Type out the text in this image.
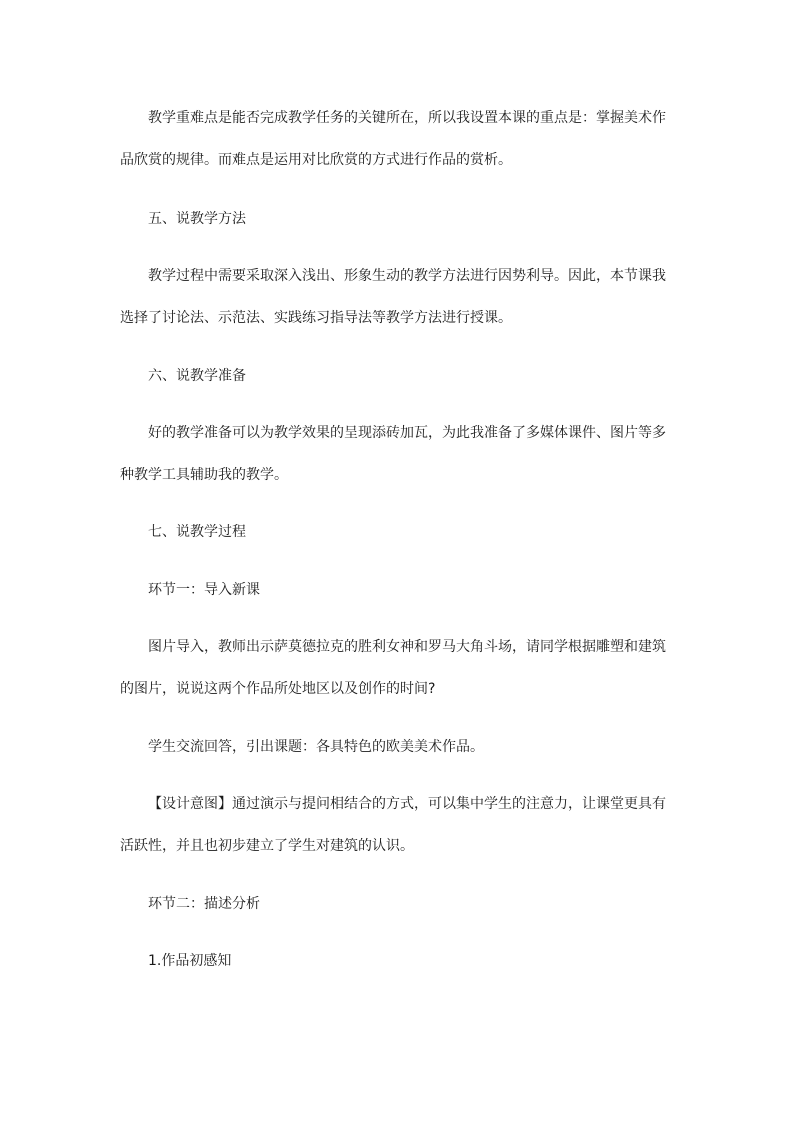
教学重难点是能否完成教学任务的关键所在，所以我设置本课的重点是：掌握美术作
品欣赏的规律。而难点是运用对比欣赏的方式进行作品的赏析。
五、说教学方法
教学过程中需要采取深入浅出、形象生动的教学方法进行因势利导。因此，本节课我
选择了讨论法、示范法、实践练习指导法等教学方法进行授课。
六、说教学准备
好的教学准备可以为教学效果的呈现添砖加瓦，为此我准备了多媒体课件、图片等多
种教学工具辅助我的教学。
七、说教学过程
环节一：导入新课
图片导入，教师出示萨莫德拉克的胜利女神和罗马大角斗场，请同学根据雕塑和建筑
的图片，说说这两个作品所处地区以及创作的时间?
学生交流回答，引出课题：各具特色的欧美美术作品。
【设计意图】通过演示与提问相结合的方式，可以集中学生的注意力，让课堂更具有
活跃性，并且也初步建立了学生对建筑的认识。
环节二：描述分析
1.作品初感知
